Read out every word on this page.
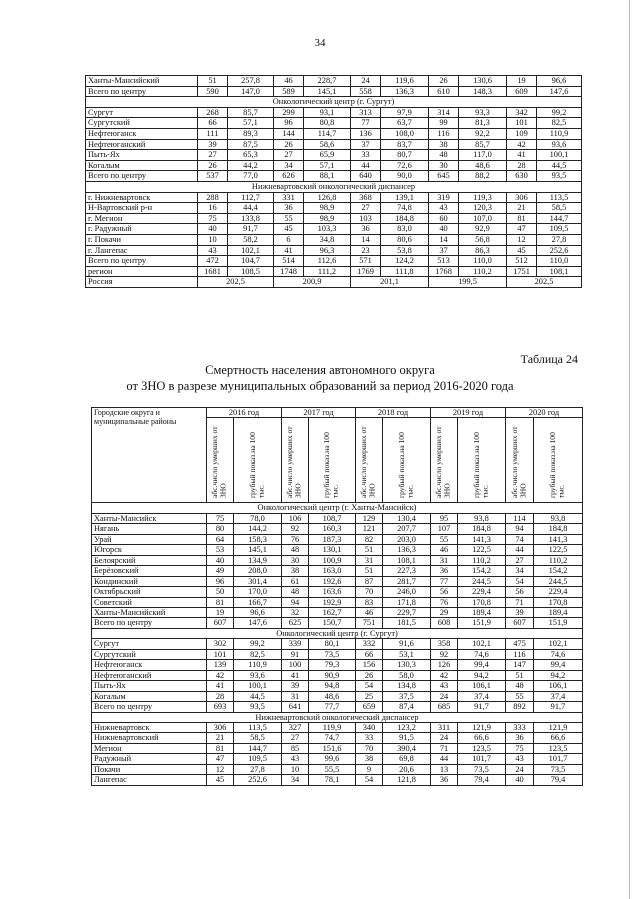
34
Ханты-Мансийский	51	257,8	46	228,7	24	119,6	26	130,6	19	96,6
Всего по центру	590	147,0	589	145,1	558	136,3	610	148,3	609	147,6
Онкологический центр (г. Сургут)										
Сургут	268	85,7	299	93,1	313	97,9	314	93,3	342	99,2
Сургутский	66	57,1	96	80,8	77	63,7	99	81,3	101	82,5
Нефтеюганск	111	89,3	144	114,7	136	108,0	116	92,2	109	110,9
Нефтеюганский	39	87,5	26	58,6	37	83,7	38	85,7	42	93,6
Пыть-Ях	27	65,3	27	65,9	33	80,7	48	117,0	41	100,1
Когалым	26	44,2	34	57,1	44	72,6	30	48,6	28	44,5
Всего по центру	537	77,0	626	88,1	640	90,0	645	88,2	630	93,5
Нижневартовский онкологический диспансер										
г. Нижневартовск	288	112,7	331	126,8	368	139,1	319	119,3	306	113,5
Н-Вартовский р-н	16	44,4	36	98,9	27	74,8	43	120,3	21	58,5
г. Мегион	75	133,8	55	98,9	103	184,8	60	107,0	81	144,7
г. Радужный	40	91,7	45	103,3	36	83,0	40	92,9	47	109,5
г. Покачи	10	58,2	6	34,8	14	80,6	14	56,8	12	27,8
г. Лангепас	43	102,1	41	96,3	23	53,8	37	86,3	45	252,6
Всего по центру	472	104,7	514	112,6	571	124,2	513	110,0	512	110,0
регион	1681	108,5	1748	111,2	1769	111,8	1768	110,2	1751	108,1
Россия	202,5		200,9		201,1		199,5		202,5	
Таблица 24
Смертность населения автономного округа
от ЗНО в разрезе муниципальных образований за период 2016-2020 года
Городские округа и муниципальные районы	2016 год		2017 год		2018 год		2019 год		2020 год	
	абс.число умерших от ЗНО	грубый показ.на 100 тыс.	абс.число умерших от ЗНО	грубый показ.на 100 тыс.	абс.число умерших от ЗНО	грубый показ.на 100 тыс.	абс.число умерших от ЗНО	грубый показ.на 100 тыс.	абс.число умерших от ЗНО	грубый показ.на 100 тыс.
Онкологический центр (г. Ханты-Мансийск)										
Ханты-Мансийск	75	78,0	106	108,7	129	130,4	95	93,8	114	93,8
Нягань	80	144,2	92	160,3	121	207,7	107	184,8	94	184,8
Урай	64	158,3	76	187,3	82	203,0	55	141,3	74	141,3
Югорск	53	145,1	48	130,1	51	136,3	46	122,5	44	122,5
Белоярский	40	134,9	30	100,9	31	108,1	31	110,2	27	110,2
Берёзовский	49	208,0	38	163,0	51	227,3	36	154,2	34	154,2
Кондинский	96	301,4	61	192,6	87	281,7	77	244,5	54	244,5
Октябрьский	50	170,0	48	163,6	70	246,0	56	229,4	56	229,4
Советский	81	166,7	94	192,9	83	171,8	76	170,8	71	170,8
Ханты-Мансийский	19	96,6	32	162,7	46	229,7	29	189,4	39	189,4
Всего по центру	607	147,6	625	150,7	751	181,5	608	151,9	607	151,9
Онкологический центр (г. Сургут)										
Сургут	302	99,2	339	80,1	332	91,6	358	102,1	475	102,1
Сургутский	101	82,5	91	73,5	66	53,1	92	74,6	116	74,6
Нефтеюганск	139	110,9	100	79,3	156	130,3	126	99,4	147	99,4
Нефтеюганский	42	93,6	41	90,9	26	58,0	42	94,2	51	94,2
Пыть-Ях	41	100,1	39	94,8	54	134,8	43	106,1	48	106,1
Когалым	28	44,5	31	48,6	25	37,5	24	37,4	55	37,4
Всего по центру	693	93,5	641	77,7	659	87,4	685	91,7	892	91,7
Нижневартовский онкологический диспансер										
Нижневартовск	306	113,5	327	119,9	340	123,2	311	121,9	333	121,9
Нижневартовский	21	58,5	27	74,7	33	91,5	24	66,6	36	66,6
Мегион	81	144,7	85	151,6	70	390,4	71	123,5	75	123,5
Радужный	47	109,5	43	99,6	38	69,8	44	101,7	43	101,7
Покачи	12	27,8	10	55,5	9	20,6	13	73,5	24	73,5
Лангепас	45	252,6	34	78,1	54	121,8	36	79,4	40	79,4
